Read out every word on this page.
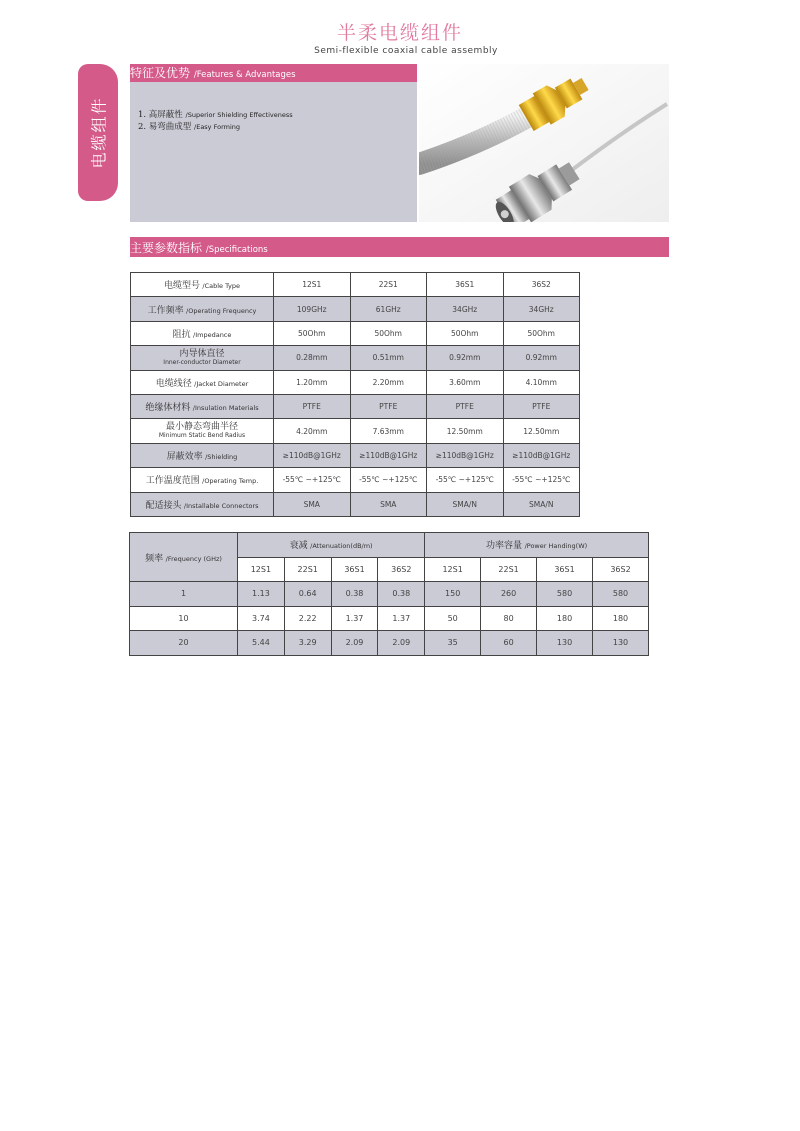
半柔电缆组件
Semi-flexible coaxial cable assembly
电缆组件
特征及优势 /Features & Advantages
1. 高屏蔽性 /Superior Shielding Effectiveness
2. 易弯曲成型 /Easy Forming
主要参数指标 /Specifications
电缆型号 /Cable Type	12S1	22S1	36S1	36S2
工作频率 /Operating Frequency	109GHz	61GHz	34GHz	34GHz
阻抗 /Impedance	50Ohm	50Ohm	50Ohm	50Ohm

内导体直径
Inner-conductor Diameter	0.28mm	0.51mm	0.92mm	0.92mm
电缆线径 /Jacket Diameter	1.20mm	2.20mm	3.60mm	4.10mm
绝缘体材料 /Insulation Materials	PTFE	PTFE	PTFE	PTFE

最小静态弯曲半径
Minimum Static Bend Radius	4.20mm	7.63mm	12.50mm	12.50mm
屏蔽效率 /Shielding	≥110dB@1GHz	≥110dB@1GHz	≥110dB@1GHz	≥110dB@1GHz
工作温度范围 /Operating Temp.	-55℃ ~+125℃	-55℃ ~+125℃	-55℃ ~+125℃	-55℃ ~+125℃
配适接头 /Installable Connectors	SMA	SMA	SMA/N	SMA/N
频率 /Frequency (GHz)	衰减 /Attenuation(dB/m)				功率容量 /Power Handing(W)			
	12S1	22S1	36S1	36S2	12S1	22S1	36S1	36S2
1	1.13	0.64	0.38	0.38	150	260	580	580
10	3.74	2.22	1.37	1.37	50	80	180	180
20	5.44	3.29	2.09	2.09	35	60	130	130
